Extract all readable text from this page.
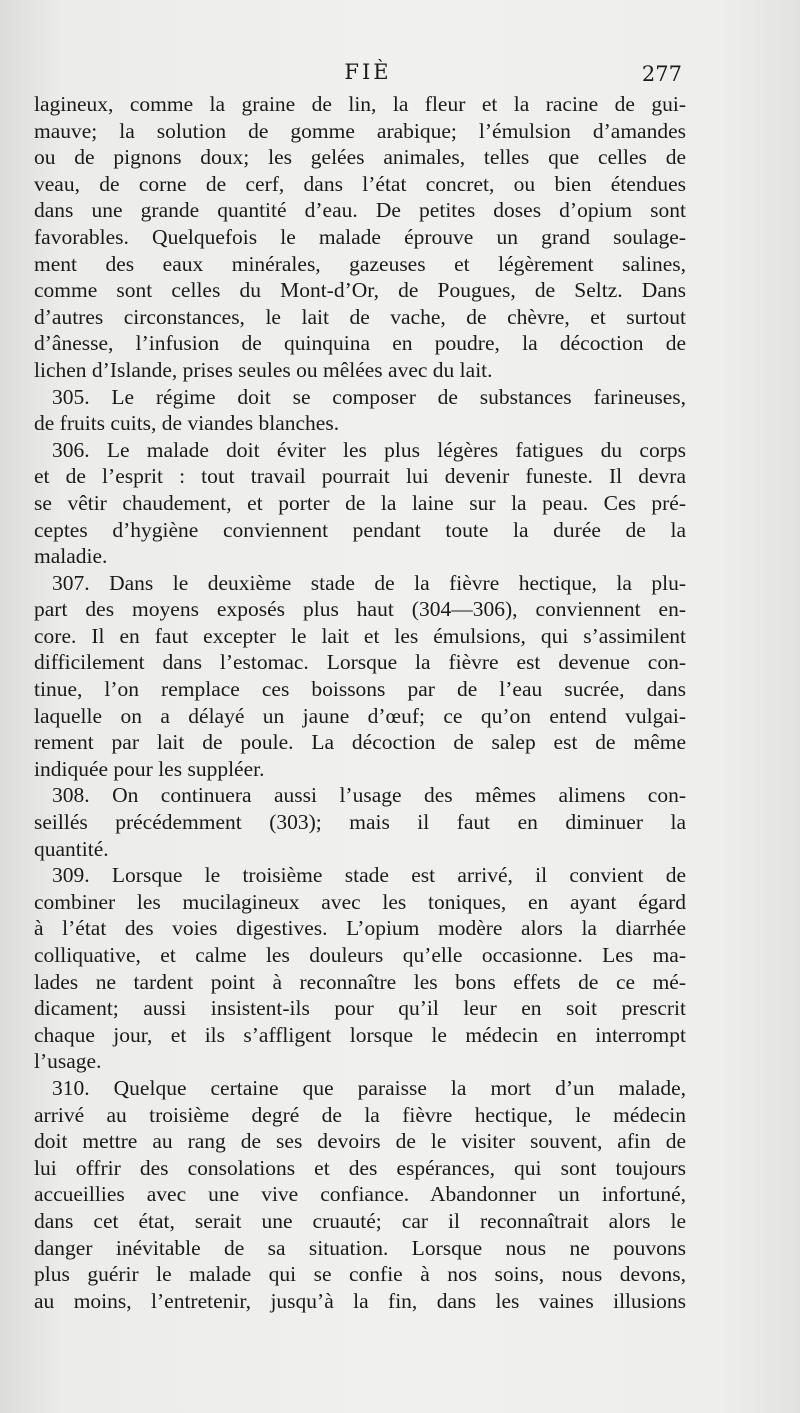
FIÈ	277
lagineux, comme la graine de lin, la fleur et la racine de gui-
mauve; la solution de gomme arabique; l’émulsion d’amandes
ou de pignons doux; les gelées animales, telles que celles de
veau, de corne de cerf, dans l’état concret, ou bien étendues
dans une grande quantité d’eau. De petites doses d’opium sont
favorables. Quelquefois le malade éprouve un grand soulage-
ment des eaux minérales, gazeuses et légèrement salines,
comme sont celles du Mont-d’Or, de Pougues, de Seltz. Dans
d’autres circonstances, le lait de vache, de chèvre, et surtout
d’ânesse, l’infusion de quinquina en poudre, la décoction de
lichen d’Islande, prises seules ou mêlées avec du lait.
305. Le régime doit se composer de substances farineuses,
de fruits cuits, de viandes blanches.
306. Le malade doit éviter les plus légères fatigues du corps
et de l’esprit : tout travail pourrait lui devenir funeste. Il devra
se vêtir chaudement, et porter de la laine sur la peau. Ces pré-
ceptes d’hygiène conviennent pendant toute la durée de la
maladie.
307. Dans le deuxième stade de la fièvre hectique, la plu-
part des moyens exposés plus haut (304—306), conviennent en-
core. Il en faut excepter le lait et les émulsions, qui s’assimilent
difficilement dans l’estomac. Lorsque la fièvre est devenue con-
tinue, l’on remplace ces boissons par de l’eau sucrée, dans
laquelle on a délayé un jaune d’œuf; ce qu’on entend vulgai-
rement par lait de poule. La décoction de salep est de même
indiquée pour les suppléer.
308. On continuera aussi l’usage des mêmes alimens con-
seillés précédemment (303); mais il faut en diminuer la
quantité.
309. Lorsque le troisième stade est arrivé, il convient de
combiner les mucilagineux avec les toniques, en ayant égard
à l’état des voies digestives. L’opium modère alors la diarrhée
colliquative, et calme les douleurs qu’elle occasionne. Les ma-
lades ne tardent point à reconnaître les bons effets de ce mé-
dicament; aussi insistent-ils pour qu’il leur en soit prescrit
chaque jour, et ils s’affligent lorsque le médecin en interrompt
l’usage.
310. Quelque certaine que paraisse la mort d’un malade,
arrivé au troisième degré de la fièvre hectique, le médecin
doit mettre au rang de ses devoirs de le visiter souvent, afin de
lui offrir des consolations et des espérances, qui sont toujours
accueillies avec une vive confiance. Abandonner un infortuné,
dans cet état, serait une cruauté; car il reconnaîtrait alors le
danger inévitable de sa situation. Lorsque nous ne pouvons
plus guérir le malade qui se confie à nos soins, nous devons,
au moins, l’entretenir, jusqu’à la fin, dans les vaines illusions
